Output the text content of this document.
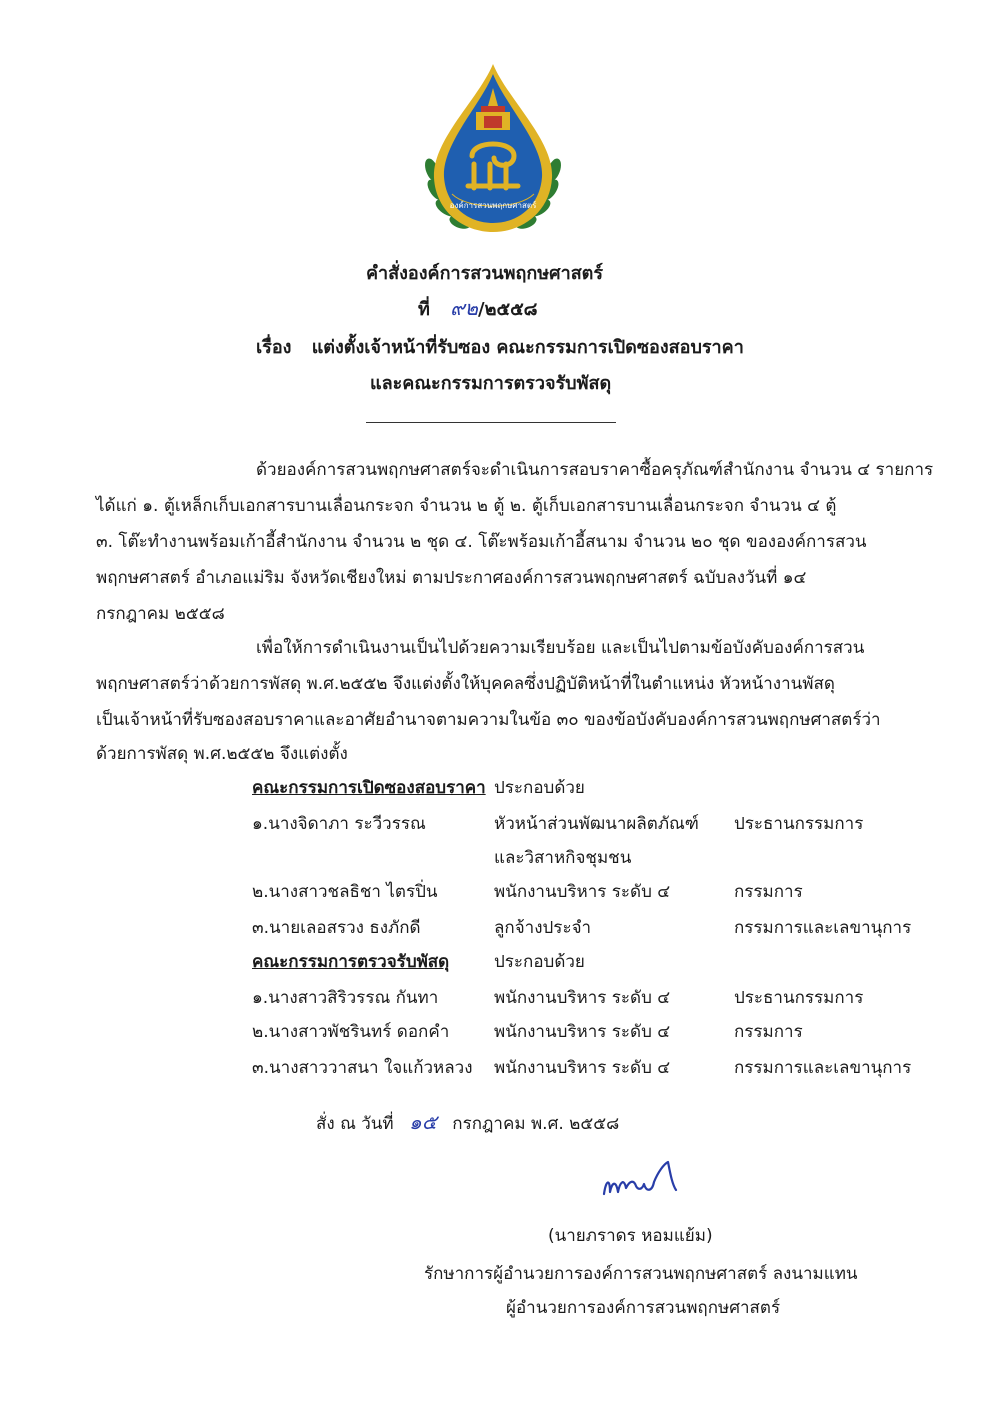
องค์การสวนพฤกษศาสตร์
คำสั่งองค์การสวนพฤกษศาสตร์
ที่ ๙๒/๒๕๕๘
เรื่อง แต่งตั้งเจ้าหน้าที่รับซอง คณะกรรมการเปิดซองสอบราคา
และคณะกรรมการตรวจรับพัสดุ
ด้วยองค์การสวนพฤกษศาสตร์จะดำเนินการสอบราคาซื้อครุภัณฑ์สำนักงาน จำนวน ๔ รายการ
ได้แก่ ๑. ตู้เหล็กเก็บเอกสารบานเลื่อนกระจก จำนวน ๒ ตู้ ๒. ตู้เก็บเอกสารบานเลื่อนกระจก จำนวน ๔ ตู้
๓. โต๊ะทำงานพร้อมเก้าอี้สำนักงาน จำนวน ๒ ชุด ๔. โต๊ะพร้อมเก้าอี้สนาม จำนวน ๒๐ ชุด ขององค์การสวน
พฤกษศาสตร์ อำเภอแม่ริม จังหวัดเชียงใหม่ ตามประกาศองค์การสวนพฤกษศาสตร์ ฉบับลงวันที่ ๑๔
กรกฎาคม ๒๕๕๘
เพื่อให้การดำเนินงานเป็นไปด้วยความเรียบร้อย และเป็นไปตามข้อบังคับองค์การสวน
พฤกษศาสตร์ว่าด้วยการพัสดุ พ.ศ.๒๕๕๒ จึงแต่งตั้งให้บุคคลซึ่งปฏิบัติหน้าที่ในตำแหน่ง หัวหน้างานพัสดุ
เป็นเจ้าหน้าที่รับซองสอบราคาและอาศัยอำนาจตามความในข้อ ๓๐ ของข้อบังคับองค์การสวนพฤกษศาสตร์ว่า
ด้วยการพัสดุ พ.ศ.๒๕๕๒ จึงแต่งตั้ง
คณะกรรมการเปิดซองสอบราคา ประกอบด้วย
๑.นางจิดาภา ระวีวรรณ	หัวหน้าส่วนพัฒนาผลิตภัณฑ์ ประธานกรรมการ
และวิสาหกิจชุมชน
๒.นางสาวชลธิชา ไตรปิ่น	พนักงานบริหาร ระดับ ๔	กรรมการ
๓.นายเลอสรวง ธงภักดี	ลูกจ้างประจำ	กรรมการและเลขานุการ
คณะกรรมการตรวจรับพัสดุ	ประกอบด้วย
๑.นางสาวสิริวรรณ กันทา	พนักงานบริหาร ระดับ ๔	ประธานกรรมการ
๒.นางสาวพัชรินทร์ ดอกคำ	พนักงานบริหาร ระดับ ๔	กรรมการ
๓.นางสาววาสนา ใจแก้วหลวง พนักงานบริหาร ระดับ ๔	กรรมการและเลขานุการ
สั่ง ณ วันที่ ๑๕ กรกฎาคม พ.ศ. ๒๕๕๘
(นายภราดร หอมแย้ม)
รักษาการผู้อำนวยการองค์การสวนพฤกษศาสตร์ ลงนามแทน
ผู้อำนวยการองค์การสวนพฤกษศาสตร์
